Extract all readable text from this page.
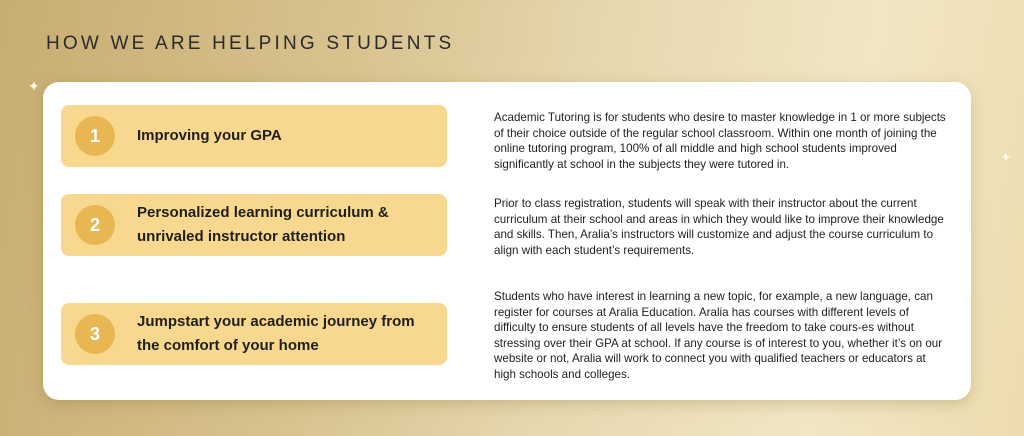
✦
✦
HOW WE ARE HELPING STUDENTS
1	Improving your GPA

Academic Tutoring is for students who desire to master knowledge in 1 or more subjects of their choice outside of the regular school classroom. Within one month of joining the online tutoring program, 100% of all middle and high school students improved significantly at school in the subjects they were tutored in.

2
Personalized learning curriculum & unrivaled instructor attention

Prior to class registration, students will speak with their instructor about the current curriculum at their school and areas in which they would like to improve their knowledge and skills. Then, Aralia’s instructors will customize and adjust the course curriculum to align with each student’s requirements.

3
Jumpstart your academic journey from the comfort of your home

Students who have interest in learning a new topic, for example, a new language, can register for courses at Aralia Education. Aralia has courses with different levels of difficulty to ensure students of all levels have the freedom to take cours-es without stressing over their GPA at school. If any course is of interest to you, whether it’s on our website or not, Aralia will work to connect you with qualified teachers or educators at high schools and colleges.
